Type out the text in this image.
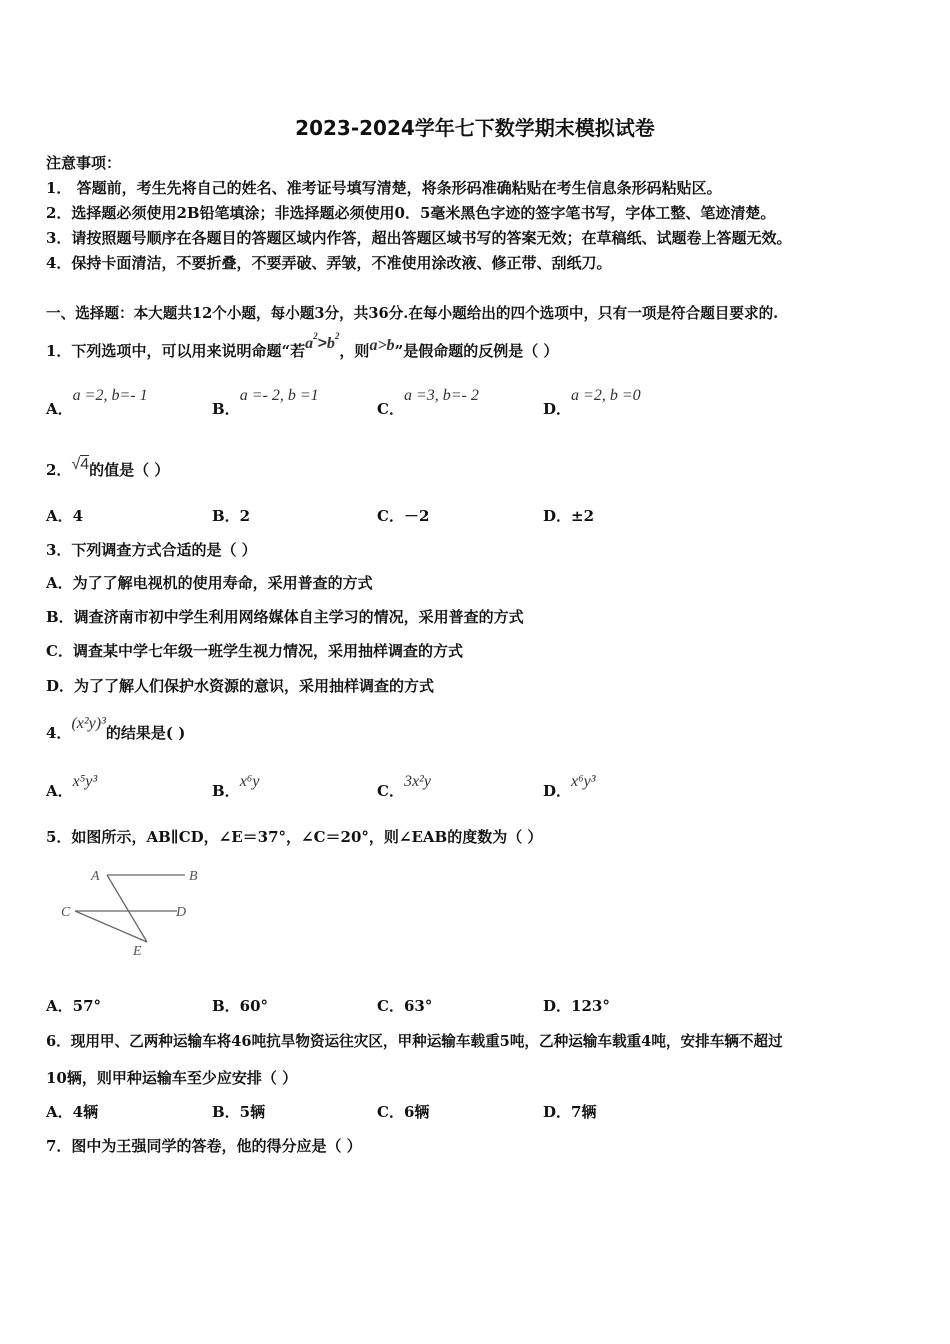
2023-2024学年七下数学期末模拟试卷
注意事项：
1． 答题前，考生先将自己的姓名、准考证号填写清楚，将条形码准确粘贴在考生信息条形码粘贴区。
2．选择题必须使用2B铅笔填涂；非选择题必须使用0．5毫米黑色字迹的签字笔书写，字体工整、笔迹清楚。
3．请按照题号顺序在各题目的答题区域内作答，超出答题区域书写的答案无效；在草稿纸、试题卷上答题无效。
4．保持卡面清洁，不要折叠，不要弄破、弄皱，不准使用涂改液、修正带、刮纸刀。
一、选择题：本大题共12个小题，每小题3分，共36分.在每小题给出的四个选项中，只有一项是符合题目要求的.
1．下列选项中，可以用来说明命题“若$a^2>b^2$，则a>b”是假命题的反例是（ ）
A．a =2, b=- 1
B．a =- 2, b =1
C．a =3, b=- 2
D．a =2, b =0
2．√4的值是（ ）
A．4	B．2	C．－2	D．±2
3．下列调查方式合适的是（ ）
A．为了了解电视机的使用寿命，采用普查的方式
B．调查济南市初中学生利用网络媒体自主学习的情况，采用普查的方式
C．调查某中学七年级一班学生视力情况，采用抽样调查的方式
D．为了了解人们保护水资源的意识，采用抽样调查的方式
4．(x²y)³的结果是( )
A．x⁵y³
B．x⁶y
C．3x²y
D．x⁶y³
5．如图所示，AB∥CD，∠E＝37°，∠C＝20°，则∠EAB的度数为（ ）
A	B
C	D
E
A．57°	B．60°	C．63°	D．123°
6．现用甲、乙两种运输车将46吨抗旱物资运往灾区，甲种运输车载重5吨，乙种运输车载重4吨，安排车辆不超过
10辆，则甲种运输车至少应安排（ ）
A．4辆	B．5辆	C．6辆	D．7辆
7．图中为王强同学的答卷，他的得分应是（ ）
